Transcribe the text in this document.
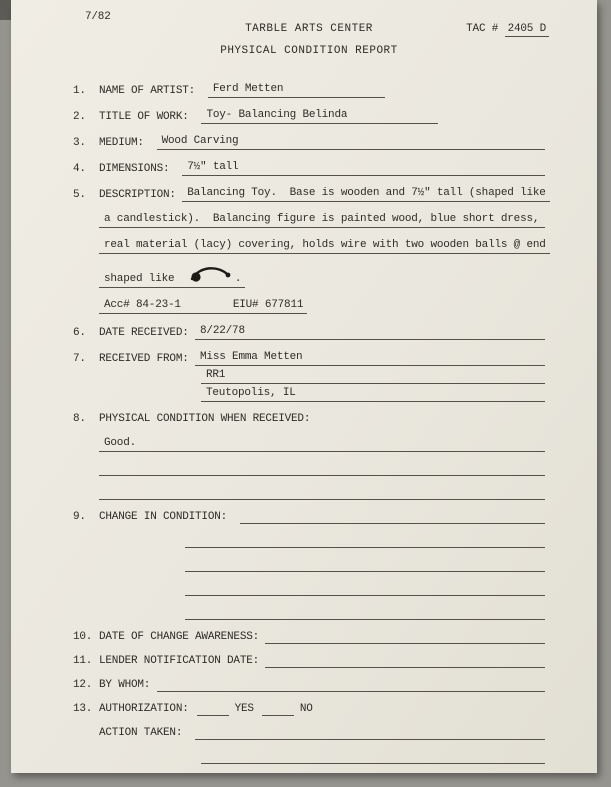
7/82
TARBLE ARTS CENTER	TAC # 2405 D
PHYSICAL CONDITION REPORT
1.	NAME OF ARTIST:
	Ferd Metten
2.	TITLE OF WORK:
	Toy- Balancing Belinda
3.	MEDIUM:
	Wood Carving
4.	DIMENSIONS:
	7½" tall
5.	DESCRIPTION:
	Balancing Toy.  Base is wooden and 7½" tall (shaped like
a candlestick).  Balancing figure is painted wood, blue short dress,
real material (lacy) covering, holds wire with two wooden balls @ end
shaped like	.
Acc# 84-23-1	EIU# 677811
6.	DATE RECEIVED:
	8/22/78
7.	RECEIVED FROM:
	Miss Emma Metten
RR1
Teutopolis, IL
8.	PHYSICAL CONDITION WHEN RECEIVED:
Good.
9.	CHANGE IN CONDITION:

10. DATE OF CHANGE AWARENESS:

11. LENDER NOTIFICATION DATE:

12. BY WHOM:

13. AUTHORIZATION:	YES	NO

ACTION TAKEN:
